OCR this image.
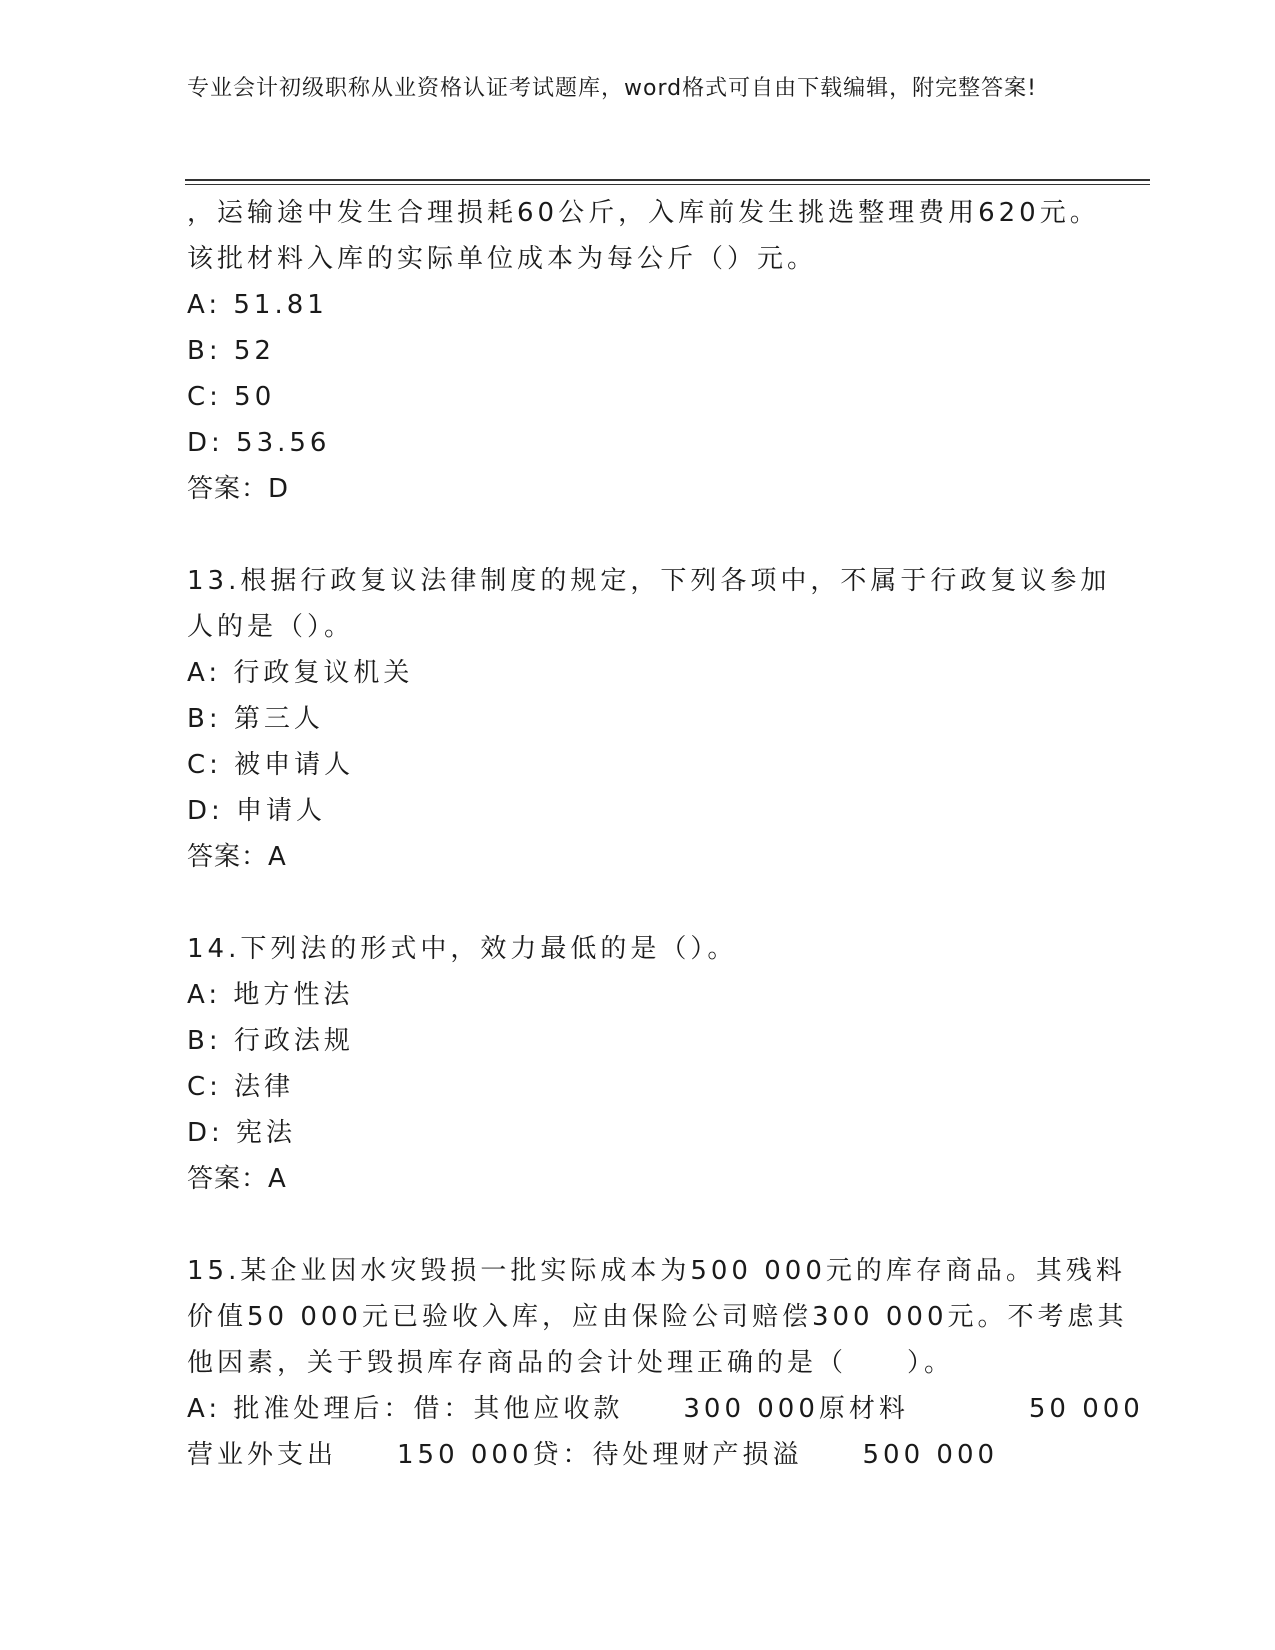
专业会计初级职称从业资格认证考试题库，word格式可自由下载编辑，附完整答案!
，运输途中发生合理损耗60公斤，入库前发生挑选整理费用620元。
该批材料入库的实际单位成本为每公斤（）元。
A: 51.81
B: 52
C: 50
D: 53.56
答案：D
13.根据行政复议法律制度的规定，下列各项中，不属于行政复议参加
人的是（）。
A: 行政复议机关
B: 第三人
C: 被申请人
D: 申请人
答案：A
14.下列法的形式中，效力最低的是（）。
A: 地方性法
B: 行政法规
C: 法律
D: 宪法
答案：A
15.某企业因水灾毁损一批实际成本为500 000元的库存商品。其残料
价值50 000元已验收入库，应由保险公司赔偿300 000元。不考虑其
他因素，关于毁损库存商品的会计处理正确的是（　　）。
A: 批准处理后：借：其他应收款　　300 000原材料　　　　50 000
营业外支出　　150 000贷：待处理财产损溢　　500 000
